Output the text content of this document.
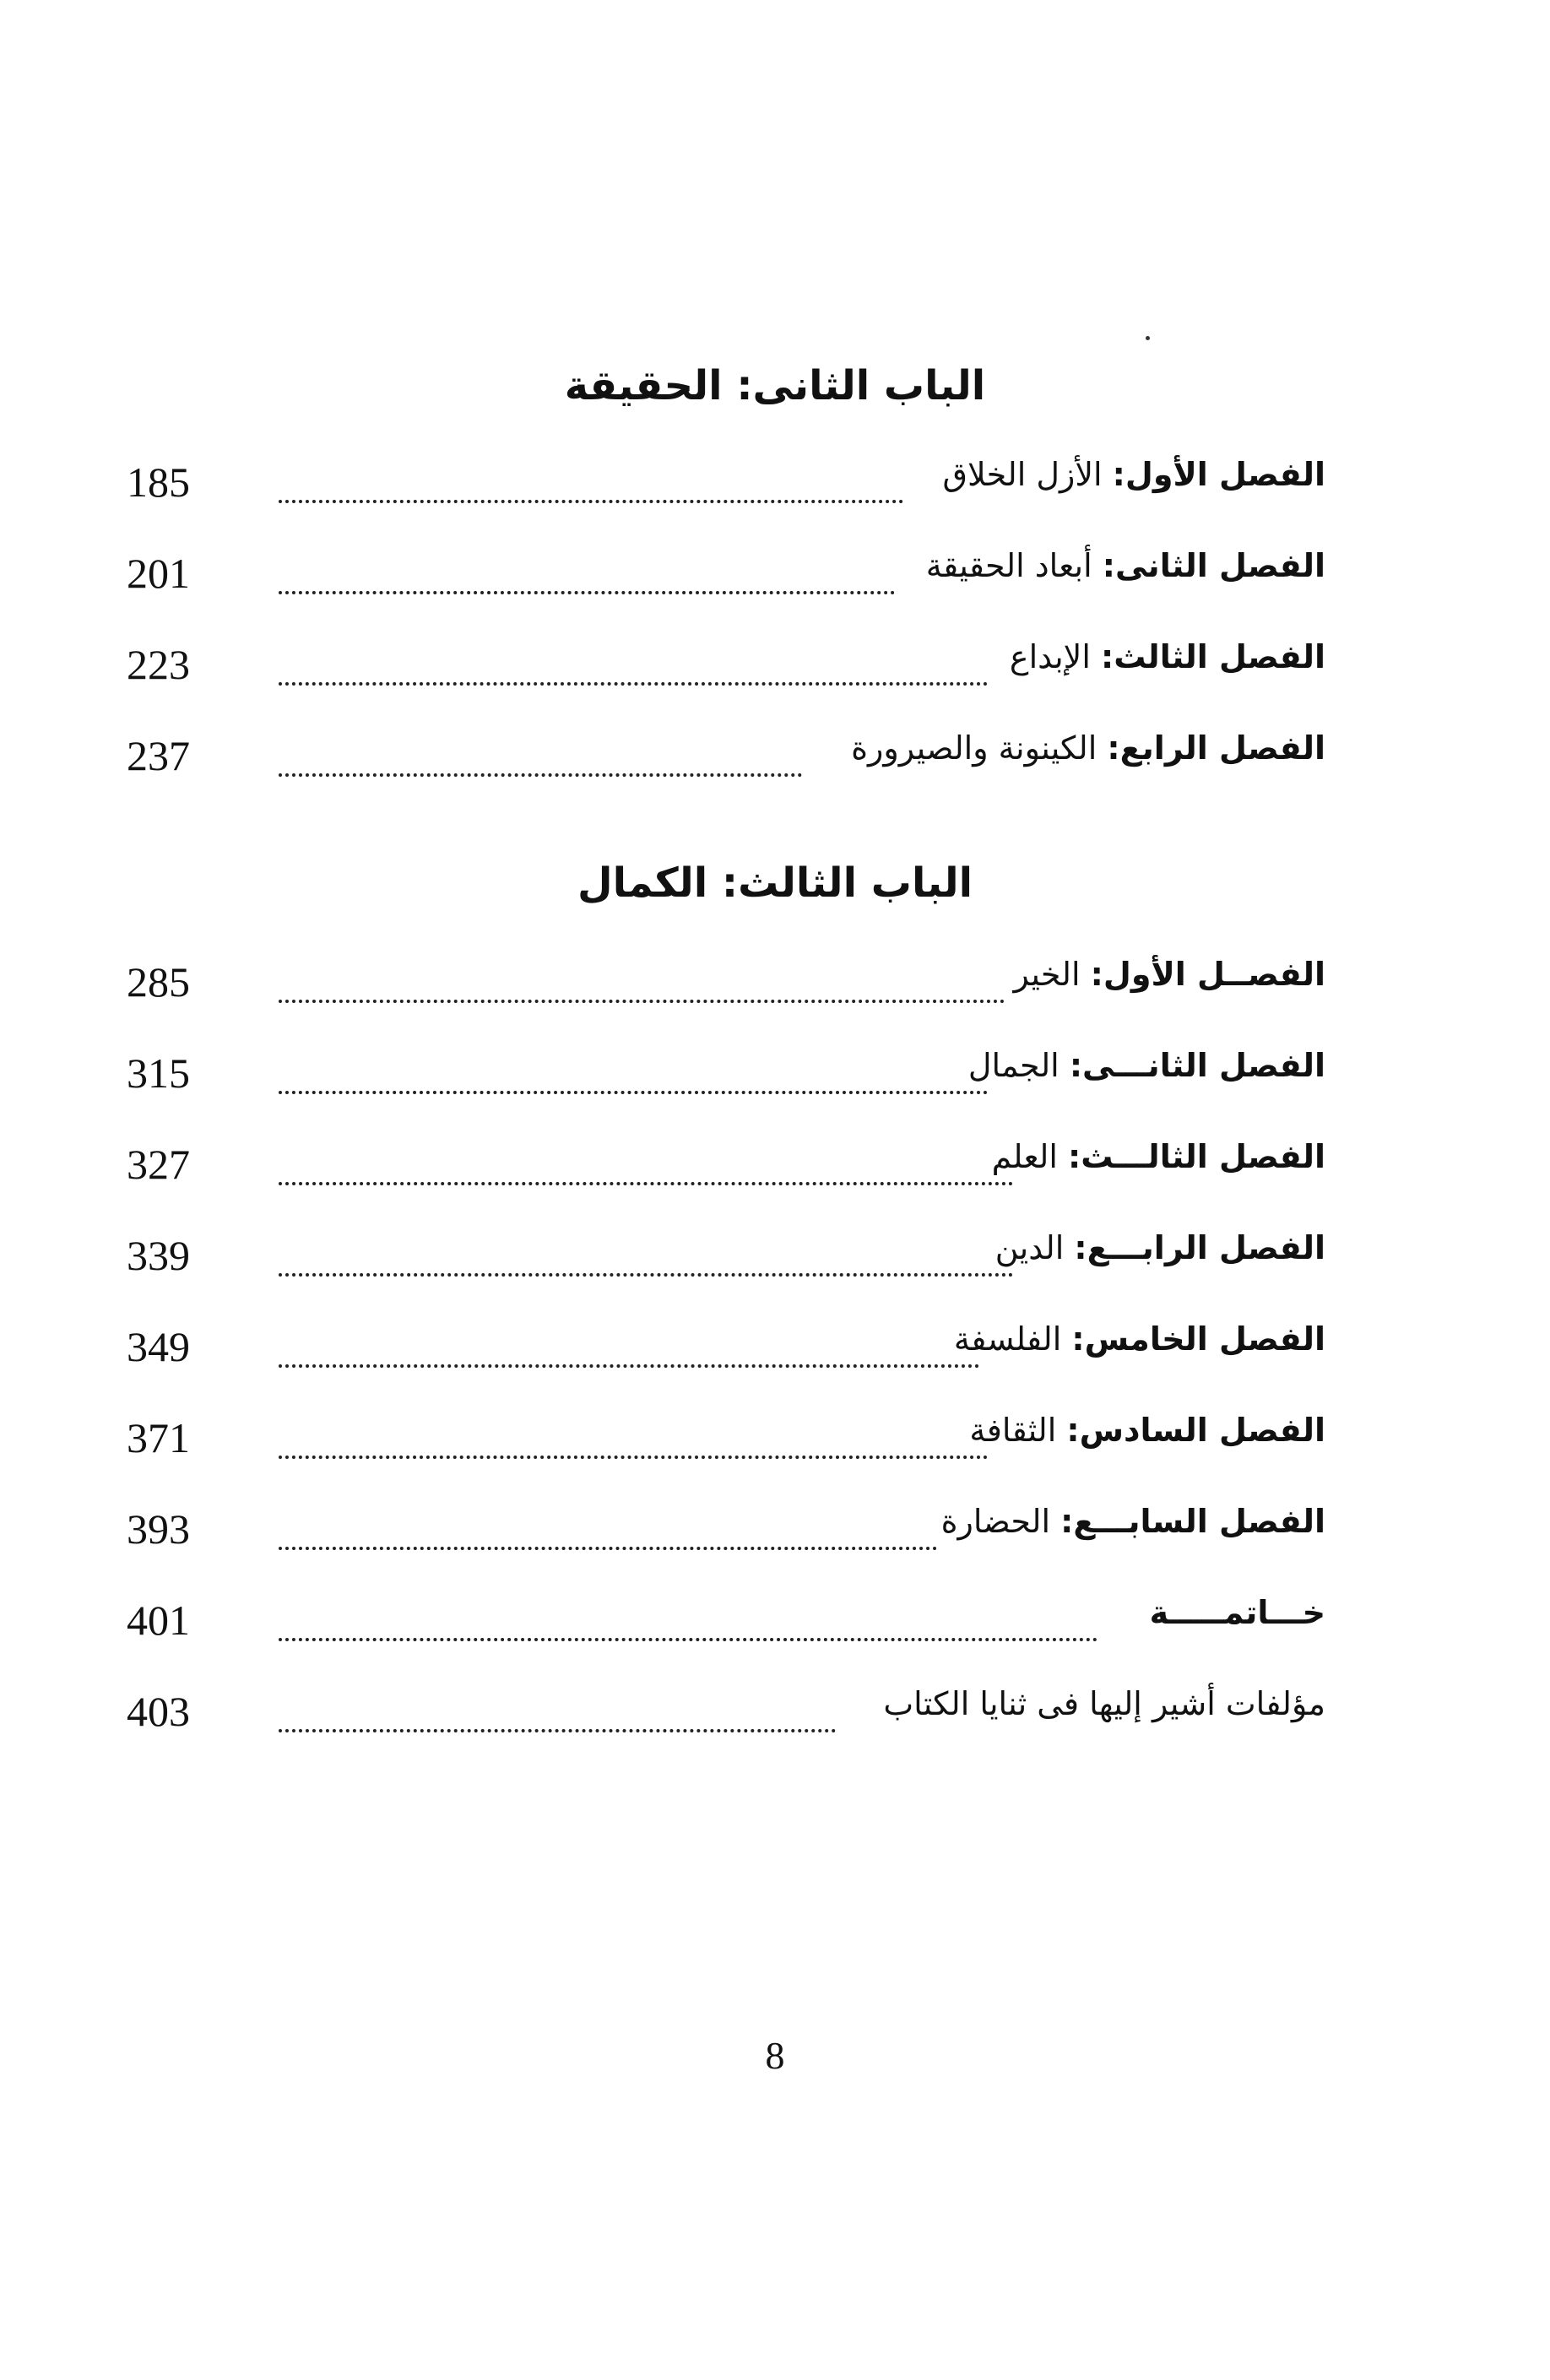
الباب الثانى: الحقيقة
185	الفصل الأول: الأزل الخلاق
201	الفصل الثانى: أبعاد الحقيقة
223	الفصل الثالث: الإبداع
237	الفصل الرابع: الكينونة والصيرورة
الباب الثالث: الكمال
285	الفصــل الأول: الخير
315	الفصل الثانـــى: الجمال
327	الفصل الثالـــث: العلم
339	الفصل الرابـــع: الدين
349	الفصل الخامس: الفلسفة
371	الفصل السادس: الثقافة
393	الفصل السابـــع: الحضارة
401	خـــاتمـــــة
403	مؤلفات أشير إليها فى ثنايا الكتاب
8
